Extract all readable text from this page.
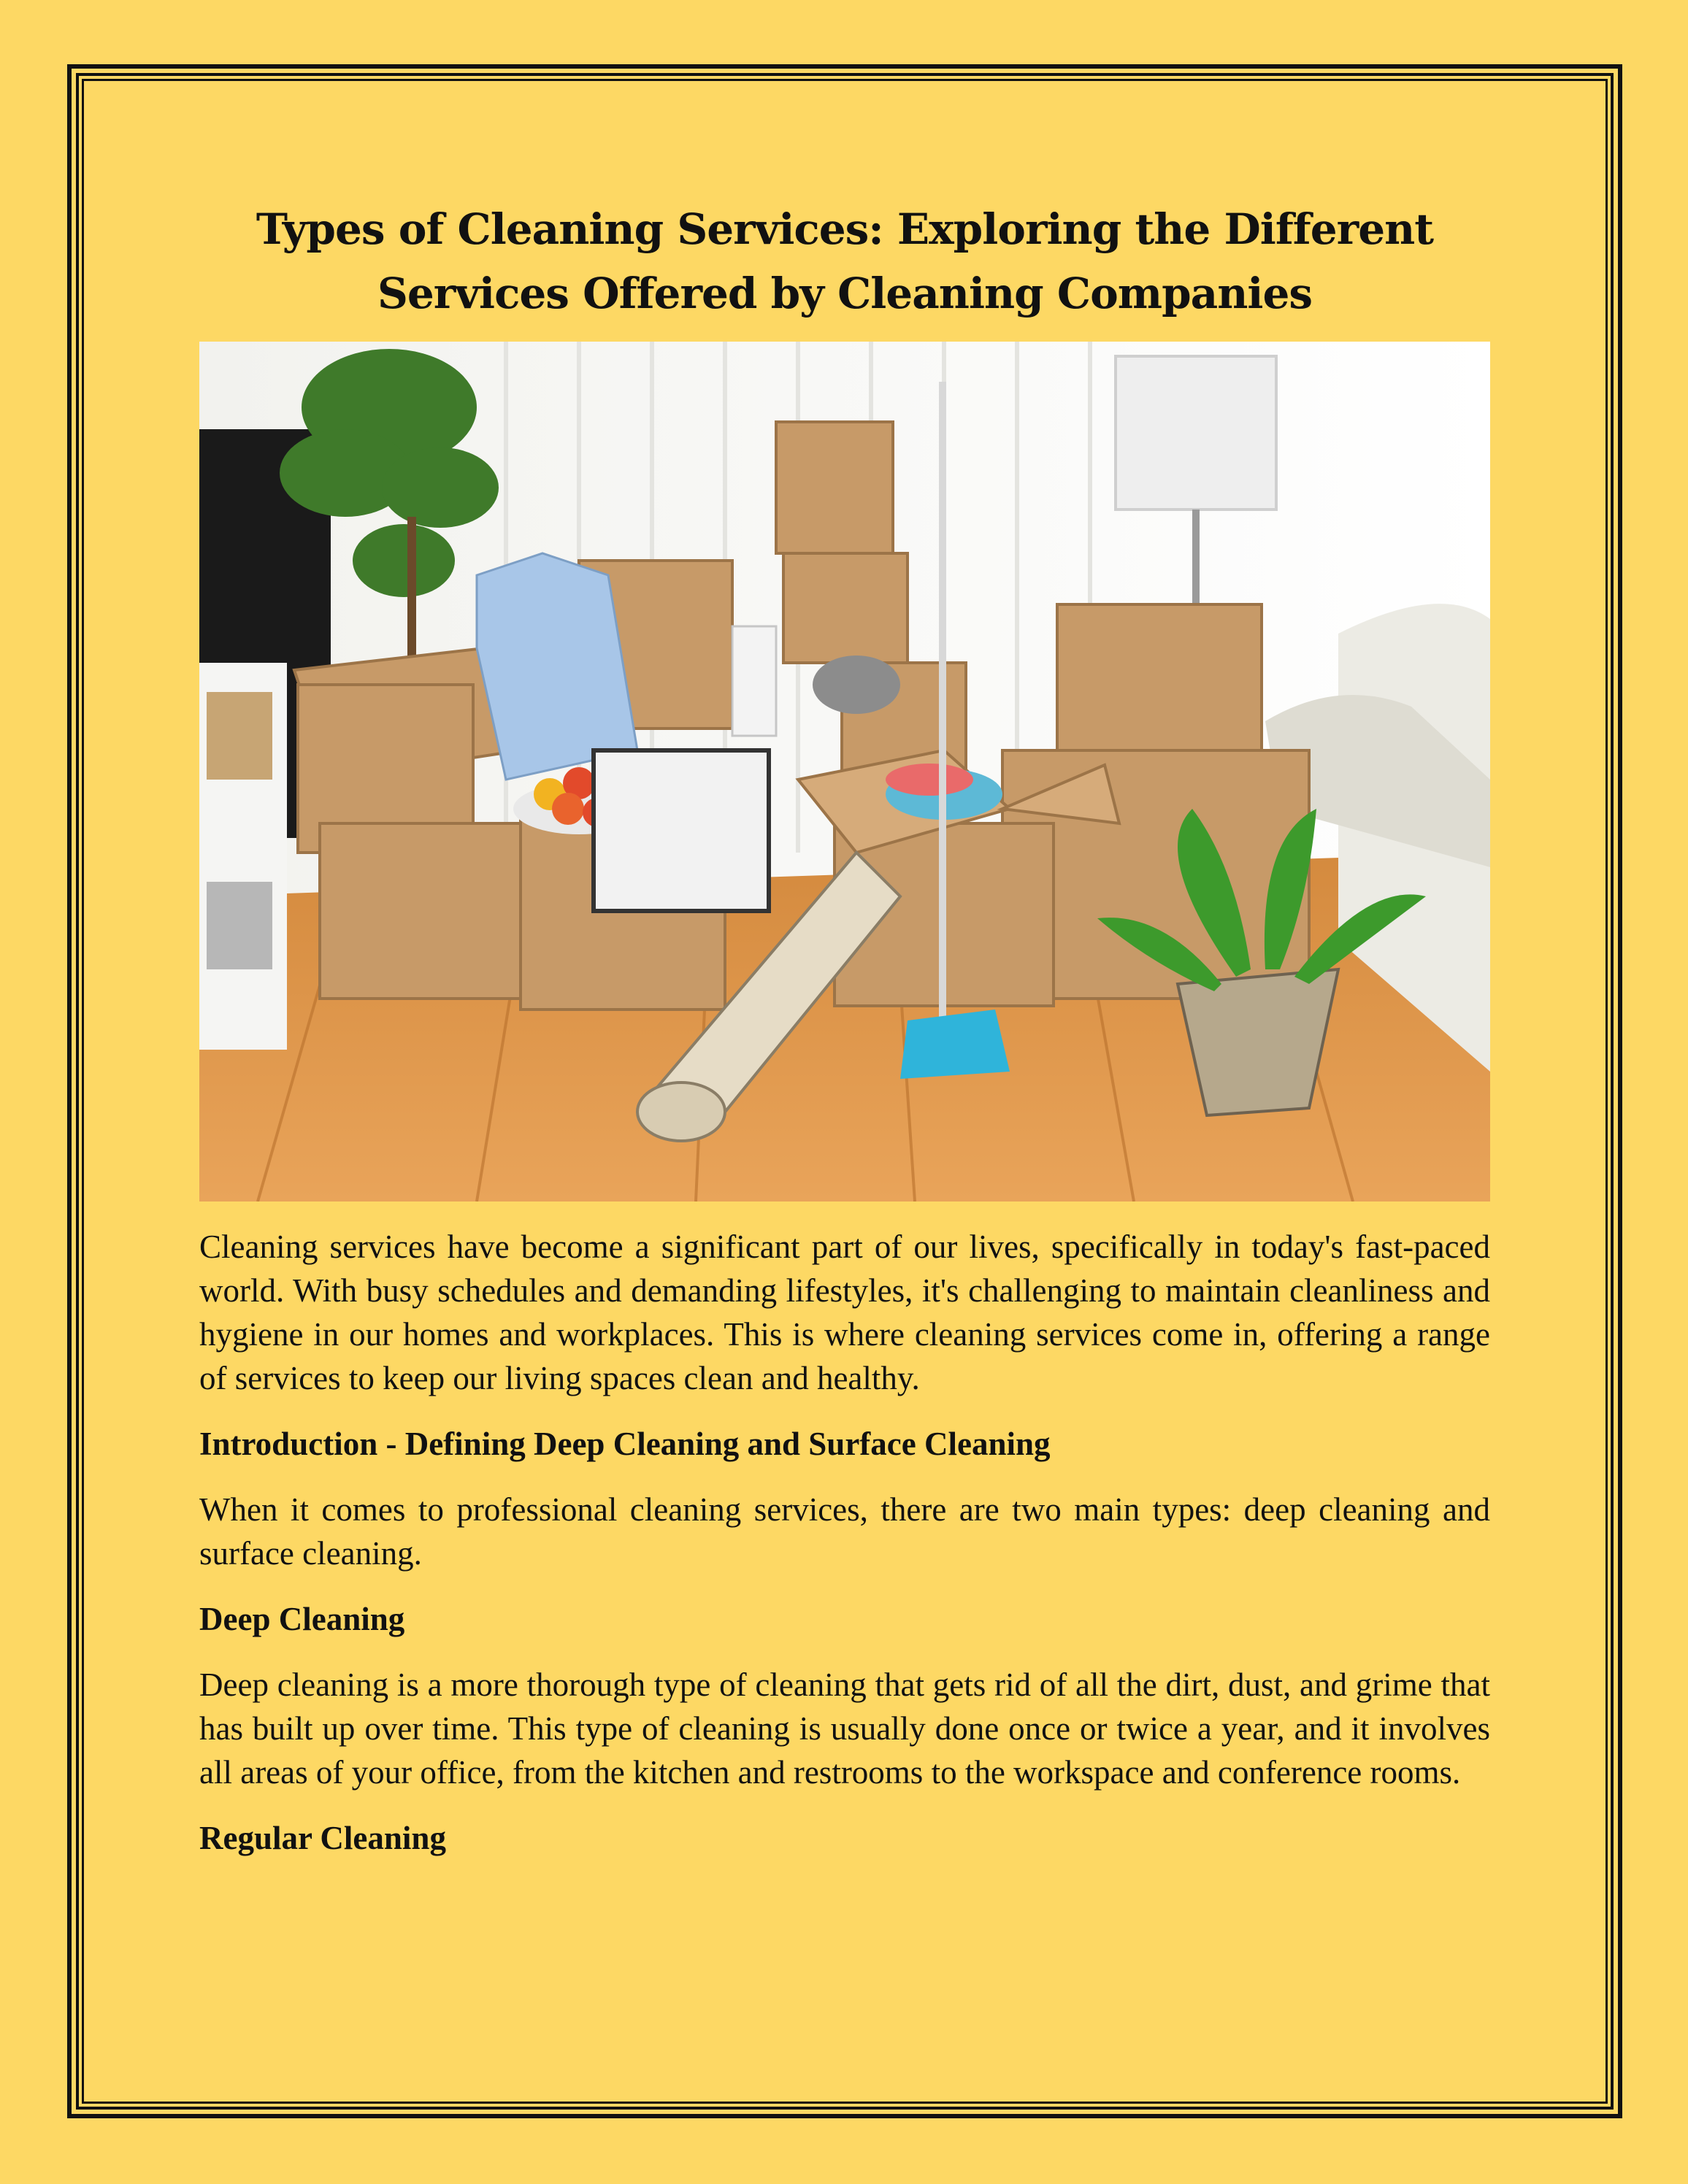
Types of Cleaning Services: Exploring the Different Services Offered by Cleaning Companies

Cleaning services have become a significant part of our lives, specifically in today's fast-paced world. With busy schedules and demanding lifestyles, it's challenging to maintain cleanliness and hygiene in our homes and workplaces. This is where cleaning services come in, offering a range of services to keep our living spaces clean and healthy.

Introduction - Defining Deep Cleaning and Surface Cleaning

When it comes to professional cleaning services, there are two main types: deep cleaning and surface cleaning.

Deep Cleaning

Deep cleaning is a more thorough type of cleaning that gets rid of all the dirt, dust, and grime that has built up over time. This type of cleaning is usually done once or twice a year, and it involves all areas of your office, from the kitchen and restrooms to the workspace and conference rooms.

Regular Cleaning
